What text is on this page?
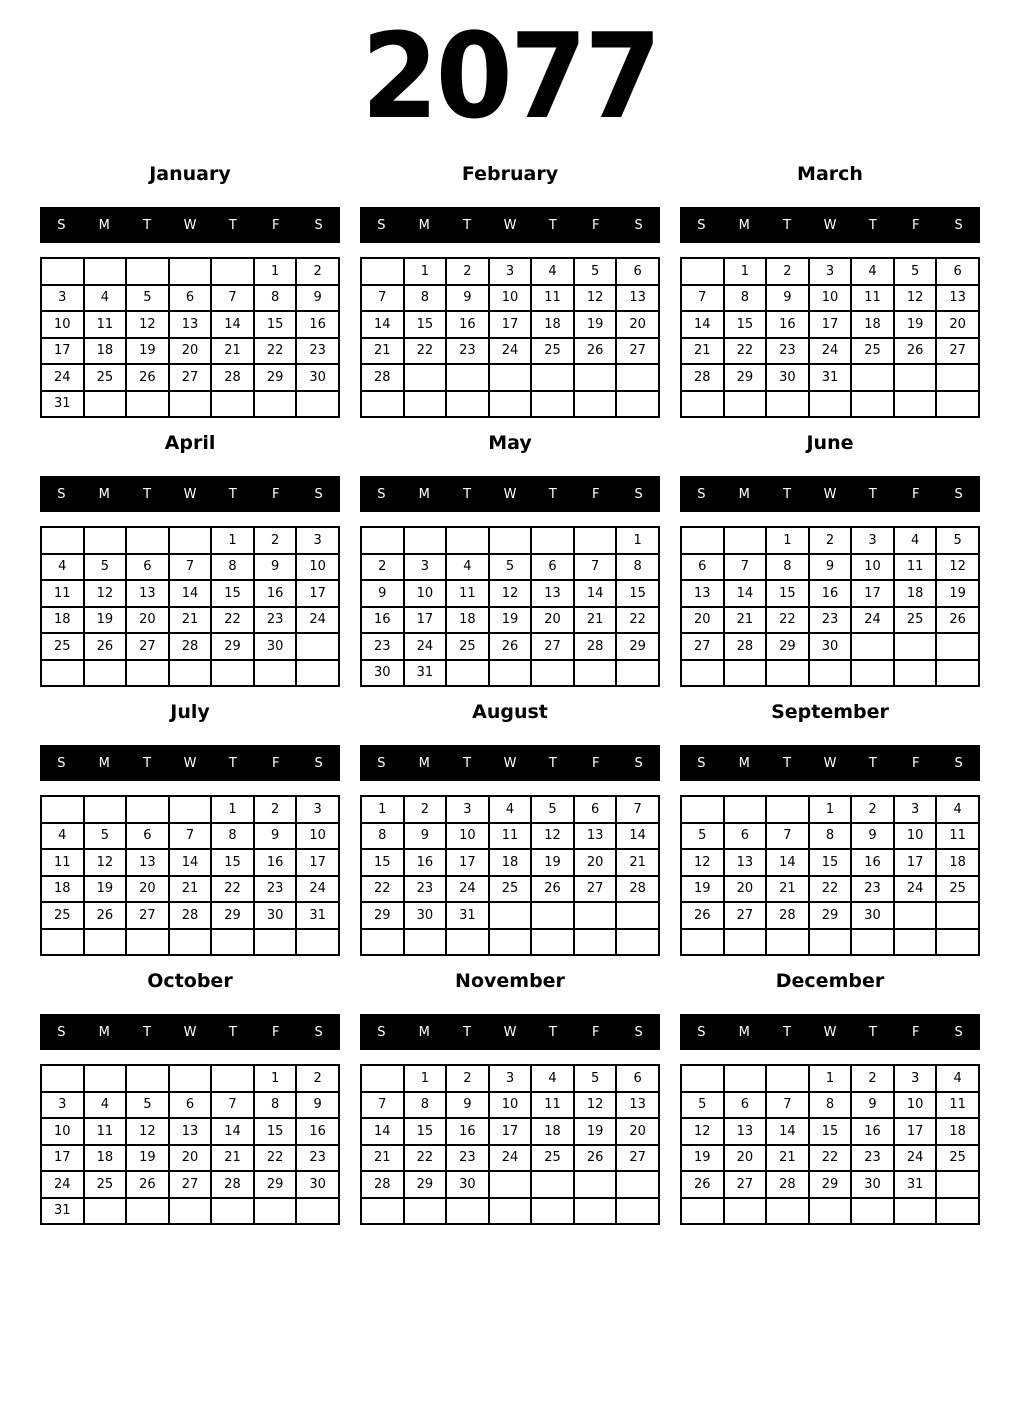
2077
January
S	M	T	W	T	F	S
					1	2
3	4	5	6	7	8	9
10	11	12	13	14	15	16
17	18	19	20	21	22	23
24	25	26	27	28	29	30
31						
February
S	M	T	W	T	F	S
	1	2	3	4	5	6
7	8	9	10	11	12	13
14	15	16	17	18	19	20
21	22	23	24	25	26	27
28						

March
S	M	T	W	T	F	S
	1	2	3	4	5	6
7	8	9	10	11	12	13
14	15	16	17	18	19	20
21	22	23	24	25	26	27
28	29	30	31			

April
S	M	T	W	T	F	S
				1	2	3
4	5	6	7	8	9	10
11	12	13	14	15	16	17
18	19	20	21	22	23	24
25	26	27	28	29	30	

May
S	M	T	W	T	F	S
						1
2	3	4	5	6	7	8
9	10	11	12	13	14	15
16	17	18	19	20	21	22
23	24	25	26	27	28	29
30	31					
June
S	M	T	W	T	F	S
		1	2	3	4	5
6	7	8	9	10	11	12
13	14	15	16	17	18	19
20	21	22	23	24	25	26
27	28	29	30			

July
S	M	T	W	T	F	S
				1	2	3
4	5	6	7	8	9	10
11	12	13	14	15	16	17
18	19	20	21	22	23	24
25	26	27	28	29	30	31

August
S	M	T	W	T	F	S
1	2	3	4	5	6	7
8	9	10	11	12	13	14
15	16	17	18	19	20	21
22	23	24	25	26	27	28
29	30	31				

September
S	M	T	W	T	F	S
			1	2	3	4
5	6	7	8	9	10	11
12	13	14	15	16	17	18
19	20	21	22	23	24	25
26	27	28	29	30		

October
S	M	T	W	T	F	S
					1	2
3	4	5	6	7	8	9
10	11	12	13	14	15	16
17	18	19	20	21	22	23
24	25	26	27	28	29	30
31						
November
S	M	T	W	T	F	S
	1	2	3	4	5	6
7	8	9	10	11	12	13
14	15	16	17	18	19	20
21	22	23	24	25	26	27
28	29	30				

December
S	M	T	W	T	F	S
			1	2	3	4
5	6	7	8	9	10	11
12	13	14	15	16	17	18
19	20	21	22	23	24	25
26	27	28	29	30	31	
